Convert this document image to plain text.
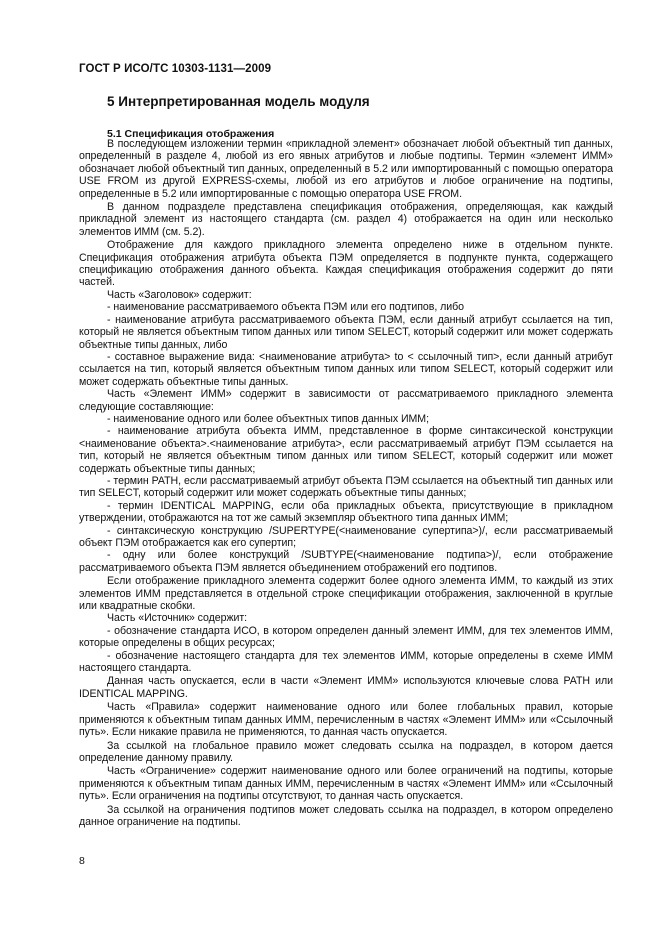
ГОСТ Р ИСО/ТС 10303-1131—2009
5 Интерпретированная модель модуля
5.1 Спецификация отображения

В последующем изложении термин «прикладной элемент» обозначает любой объектный тип данных, определенный в разделе 4, любой из его явных атрибутов и любые подтипы. Термин «элемент ИММ» обозначает любой объектный тип данных, определенный в 5.2 или импортированный с помощью оператора USE FROM из другой EXPRESS-схемы, любой из его атрибутов и любое ограничение на подтипы, определенные в 5.2 или импортированные с помощью оператора USE FROM.

В данном подразделе представлена спецификация отображения, определяющая, как каждый прикладной элемент из настоящего стандарта (см. раздел 4) отображается на один или несколько элементов ИММ (см. 5.2).

Отображение для каждого прикладного элемента определено ниже в отдельном пункте. Спецификация отображения атрибута объекта ПЭМ определяется в подпункте пункта, содержащего спецификацию отображения данного объекта. Каждая спецификация отображения содержит до пяти частей.

Часть «Заголовок» содержит:

- наименование рассматриваемого объекта ПЭМ или его подтипов, либо

- наименование атрибута рассматриваемого объекта ПЭМ, если данный атрибут ссылается на тип, который не является объектным типом данных или типом SELECT, который содержит или может содержать объектные типы данных, либо

- составное выражение вида: <наименование атрибута> to < ссылочный тип>, если данный атрибут ссылается на тип, который является объектным типом данных или типом SELECT, который содержит или может содержать объектные типы данных.

Часть «Элемент ИММ» содержит в зависимости от рассматриваемого прикладного элемента следующие составляющие:

- наименование одного или более объектных типов данных ИММ;

- наименование атрибута объекта ИММ, представленное в форме синтаксической конструкции <наименование объекта>.<наименование атрибута>, если рассматриваемый атрибут ПЭМ ссылается на тип, который не является объектным типом данных или типом SELECT, который содержит или может содержать объектные типы данных;

- термин PATH, если рассматриваемый атрибут объекта ПЭМ ссылается на объектный тип данных или тип SELECT, который содержит или может содержать объектные типы данных;

- термин IDENTICAL MAPPING, если оба прикладных объекта, присутствующие в прикладном утверждении, отображаются на тот же самый экземпляр объектного типа данных ИММ;

- синтаксическую конструкцию /SUPERTYPE(<наименование супертипа>)/, если рассматриваемый объект ПЭМ отображается как его супертип;

- одну или более конструкций /SUBTYPE(<наименование подтипа>)/, если отображение рассматриваемого объекта ПЭМ является объединением отображений его подтипов.

Если отображение прикладного элемента содержит более одного элемента ИММ, то каждый из этих элементов ИММ представляется в отдельной строке спецификации отображения, заключенной в круглые или квадратные скобки.

Часть «Источник» содержит:

- обозначение стандарта ИСО, в котором определен данный элемент ИММ, для тех элементов ИММ, которые определены в общих ресурсах;

- обозначение настоящего стандарта для тех элементов ИММ, которые определены в схеме ИММ настоящего стандарта.

Данная часть опускается, если в части «Элемент ИММ» используются ключевые слова PATH или IDENTICAL MAPPING.

Часть «Правила» содержит наименование одного или более глобальных правил, которые применяются к объектным типам данных ИММ, перечисленным в частях «Элемент ИММ» или «Ссылочный путь». Если никакие правила не применяются, то данная часть опускается.

За ссылкой на глобальное правило может следовать ссылка на подраздел, в котором дается определение данному правилу.

Часть «Ограничение» содержит наименование одного или более ограничений на подтипы, которые применяются к объектным типам данных ИММ, перечисленным в частях «Элемент ИММ» или «Ссылочный путь». Если ограничения на подтипы отсутствуют, то данная часть опускается.

За ссылкой на ограничения подтипов может следовать ссылка на подраздел, в котором определено данное ограничение на подтипы.

8
